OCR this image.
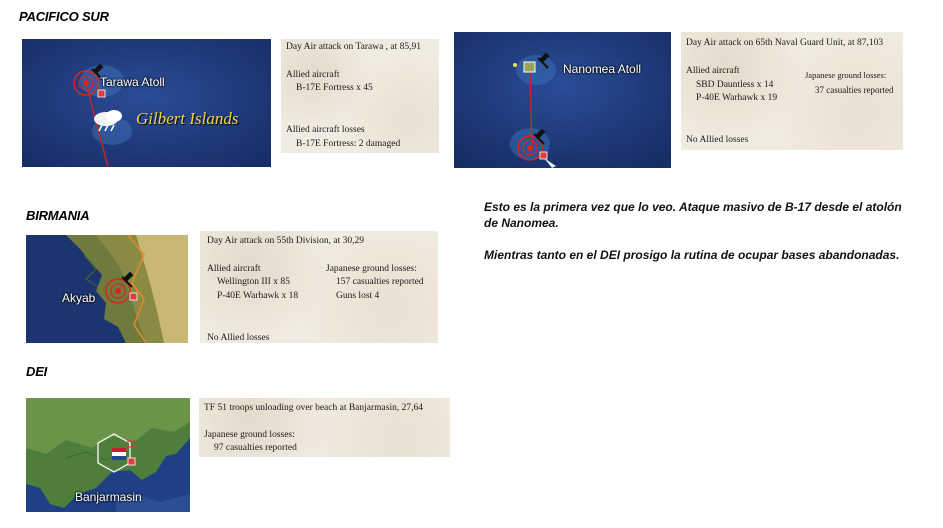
PACIFICO SUR
Tarawa Atoll
Gilbert Islands
Day Air attack on Tarawa , at 85,91
Allied aircraft
B-17E Fortress x 45
Allied aircraft losses
B-17E Fortress: 2 damaged
Nanomea Atoll
Day Air attack on 65th Naval Guard Unit, at 87,103
Allied aircraft
SBD Dauntless x 14
P-40E Warhawk x 19
Japanese ground losses:
37 casualties reported
No Allied losses
Esto es la primera vez que lo veo. Ataque masivo de B-17 desde el atolón de Nanomea.
Mientras tanto en el DEI prosigo la rutina de ocupar bases abandonadas.
BIRMANIA
Akyab
Day Air attack on 55th Division, at 30,29
Allied aircraft
Wellington III x 85
P-40E Warhawk x 18
Japanese ground losses:
157 casualties reported
Guns lost 4
No Allied losses
DEI
Banjarmasin
TF 51 troops unloading over beach at Banjarmasin, 27,64
Japanese ground losses:
97 casualties reported
